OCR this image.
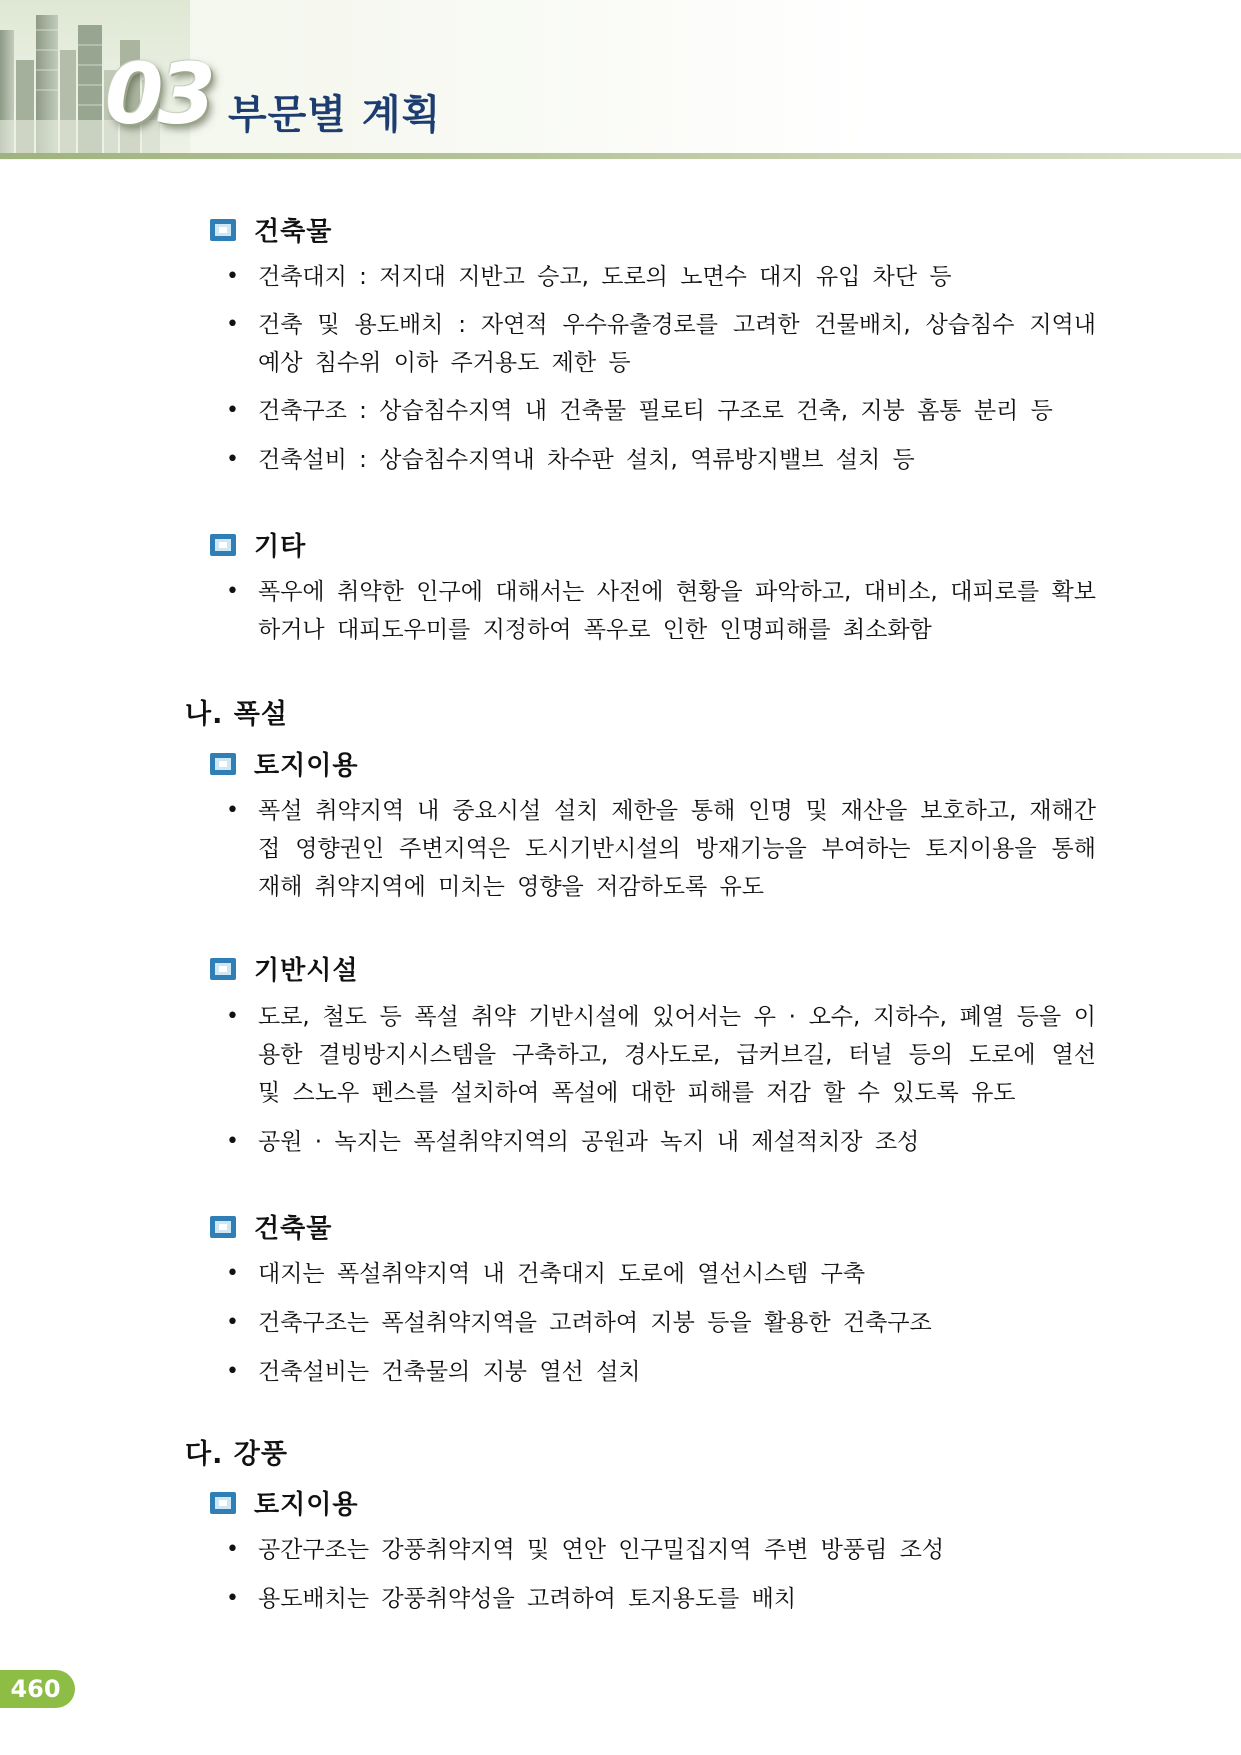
03 부문별 계획
건축물
• 건축대지 : 저지대 지반고 승고, 도로의 노면수 대지 유입 차단 등
• 건축 및 용도배치 : 자연적 우수유출경로를 고려한 건물배치, 상습침수 지역내 예상 침수위 이하 주거용도 제한 등
• 건축구조 : 상습침수지역 내 건축물 필로티 구조로 건축, 지붕 홈통 분리 등
• 건축설비 : 상습침수지역내 차수판 설치, 역류방지밸브 설치 등
기타
• 폭우에 취약한 인구에 대해서는 사전에 현황을 파악하고, 대비소, 대피로를 확보하거나 대피도우미를 지정하여 폭우로 인한 인명피해를 최소화함
나. 폭설
토지이용
• 폭설 취약지역 내 중요시설 설치 제한을 통해 인명 및 재산을 보호하고, 재해간접 영향권인 주변지역은 도시기반시설의 방재기능을 부여하는 토지이용을 통해 재해 취약지역에 미치는 영향을 저감하도록 유도
기반시설
• 도로, 철도 등 폭설 취약 기반시설에 있어서는 우 · 오수, 지하수, 폐열 등을 이용한 결빙방지시스템을 구축하고, 경사도로, 급커브길, 터널 등의 도로에 열선 및 스노우 펜스를 설치하여 폭설에 대한 피해를 저감 할 수 있도록 유도
• 공원 · 녹지는 폭설취약지역의 공원과 녹지 내 제설적치장 조성
건축물
• 대지는 폭설취약지역 내 건축대지 도로에 열선시스템 구축
• 건축구조는 폭설취약지역을 고려하여 지붕 등을 활용한 건축구조
• 건축설비는 건축물의 지붕 열선 설치
다. 강풍
토지이용
• 공간구조는 강풍취약지역 및 연안 인구밀집지역 주변 방풍림 조성
• 용도배치는 강풍취약성을 고려하여 토지용도를 배치
460
